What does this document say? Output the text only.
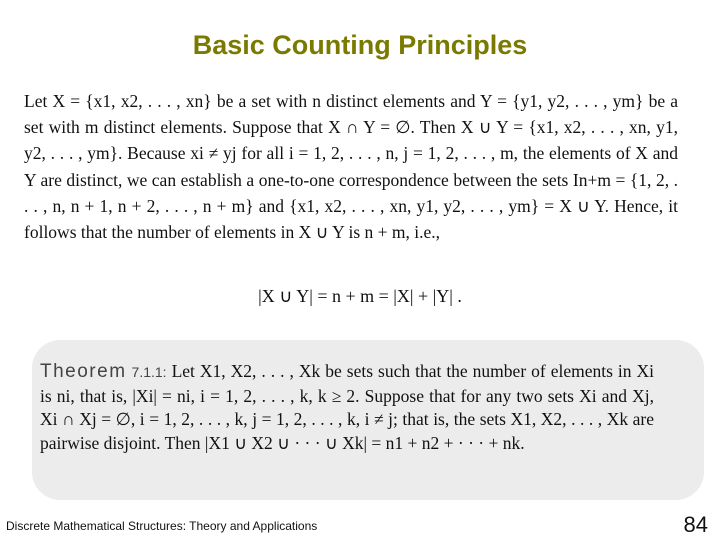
Basic Counting Principles

Let X = {x1, x2, . . . , xn} be a set with n distinct elements and Y = {y1, y2, . . . , ym} be a set with m distinct elements. Suppose that X ∩ Y = ∅. Then X ∪ Y = {x1, x2, . . . , xn, y1, y2, . . . , ym}. Because xi ≠ yj for all i = 1, 2, . . . , n, j = 1, 2, . . . , m, the elements of X and Y are distinct, we can establish a one-to-one correspondence between the sets In+m = {1, 2, . . . , n, n + 1, n + 2, . . . , n + m} and {x1, x2, . . . , xn, y1, y2, . . . , ym} = X ∪ Y. Hence, it follows that the number of elements in X ∪ Y is n + m, i.e.,

|X ∪ Y| = n + m = |X| + |Y| .

Theorem 7.1.1: Let X1, X2, . . . , Xk be sets such that the number of elements in Xi is ni, that is, |Xi| = ni, i = 1, 2, . . . , k, k ≥ 2. Suppose that for any two sets Xi and Xj, Xi ∩ Xj = ∅, i = 1, 2, . . . , k, j = 1, 2, . . . , k, i ≠ j; that is, the sets X1, X2, . . . , Xk are pairwise disjoint. Then |X1 ∪ X2 ∪ · · · ∪ Xk| = n1 + n2 + · · · + nk.

Discrete Mathematical Structures: Theory and Applications	84
